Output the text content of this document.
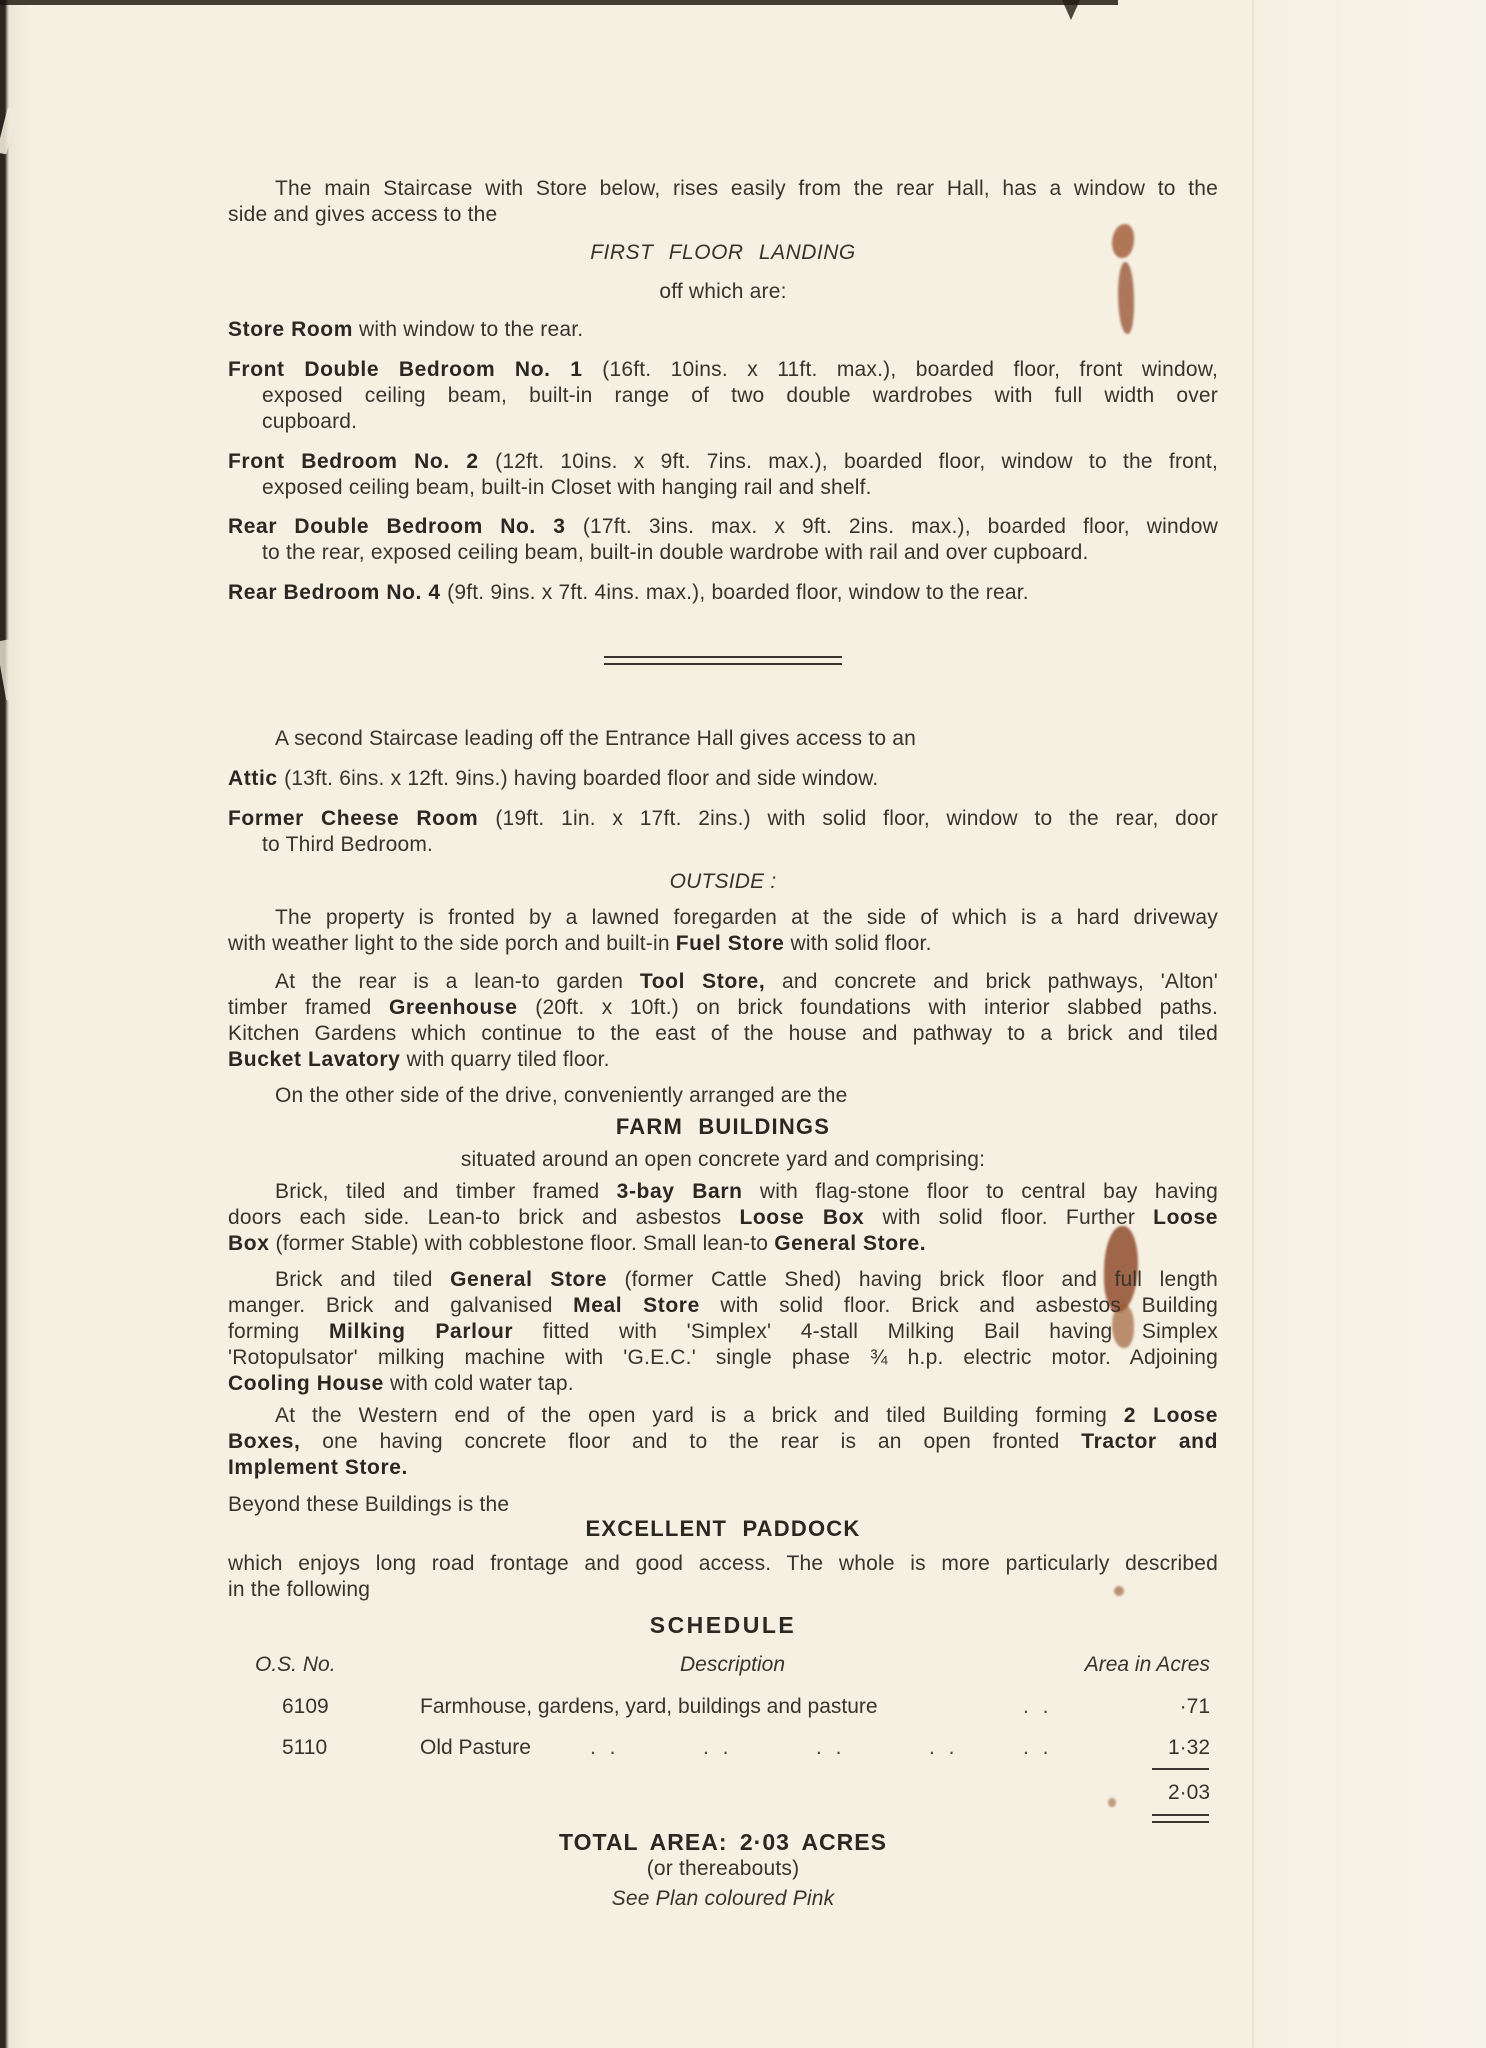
The main Staircase with Store below, rises easily from the rear Hall, has a window to the
side and gives access to the
FIRST FLOOR LANDING
off which are:
Store Room with window to the rear.
Front Double Bedroom No. 1 (16ft. 10ins. x 11ft. max.), boarded floor, front window,
exposed ceiling beam, built-in range of two double wardrobes with full width over
cupboard.
Front Bedroom No. 2 (12ft. 10ins. x 9ft. 7ins. max.), boarded floor, window to the front,
exposed ceiling beam, built-in Closet with hanging rail and shelf.
Rear Double Bedroom No. 3 (17ft. 3ins. max. x 9ft. 2ins. max.), boarded floor, window
to the rear, exposed ceiling beam, built-in double wardrobe with rail and over cupboard.
Rear Bedroom No. 4 (9ft. 9ins. x 7ft. 4ins. max.), boarded floor, window to the rear.
A second Staircase leading off the Entrance Hall gives access to an
Attic (13ft. 6ins. x 12ft. 9ins.) having boarded floor and side window.
Former Cheese Room (19ft. 1in. x 17ft. 2ins.) with solid floor, window to the rear, door
to Third Bedroom.
OUTSIDE :
The property is fronted by a lawned foregarden at the side of which is a hard driveway
with weather light to the side porch and built-in Fuel Store with solid floor.
At the rear is a lean-to garden Tool Store, and concrete and brick pathways, 'Alton'
timber framed Greenhouse (20ft. x 10ft.) on brick foundations with interior slabbed paths.
Kitchen Gardens which continue to the east of the house and pathway to a brick and tiled
Bucket Lavatory with quarry tiled floor.
On the other side of the drive, conveniently arranged are the
FARM BUILDINGS
situated around an open concrete yard and comprising:
Brick, tiled and timber framed 3-bay Barn with flag-stone floor to central bay having
doors each side. Lean-to brick and asbestos Loose Box with solid floor. Further Loose
Box (former Stable) with cobblestone floor. Small lean-to General Store.
Brick and tiled General Store (former Cattle Shed) having brick floor and full length
manger. Brick and galvanised Meal Store with solid floor. Brick and asbestos Building
forming Milking Parlour fitted with 'Simplex' 4-stall Milking Bail having Simplex
'Rotopulsator' milking machine with 'G.E.C.' single phase ¾ h.p. electric motor. Adjoining
Cooling House with cold water tap.
At the Western end of the open yard is a brick and tiled Building forming 2 Loose
Boxes, one having concrete floor and to the rear is an open fronted Tractor and
Implement Store.
Beyond these Buildings is the
EXCELLENT PADDOCK
which enjoys long road frontage and good access. The whole is more particularly described
in the following
SCHEDULE
O.S. No.	Description	Area in Acres
6109	Farmhouse, gardens, yard, buildings and pasture	. .	·71
5110	Old Pasture	. .	. .	. .	. .	. .	1·32
2·03
TOTAL AREA: 2·03 ACRES
(or thereabouts)
See Plan coloured Pink
